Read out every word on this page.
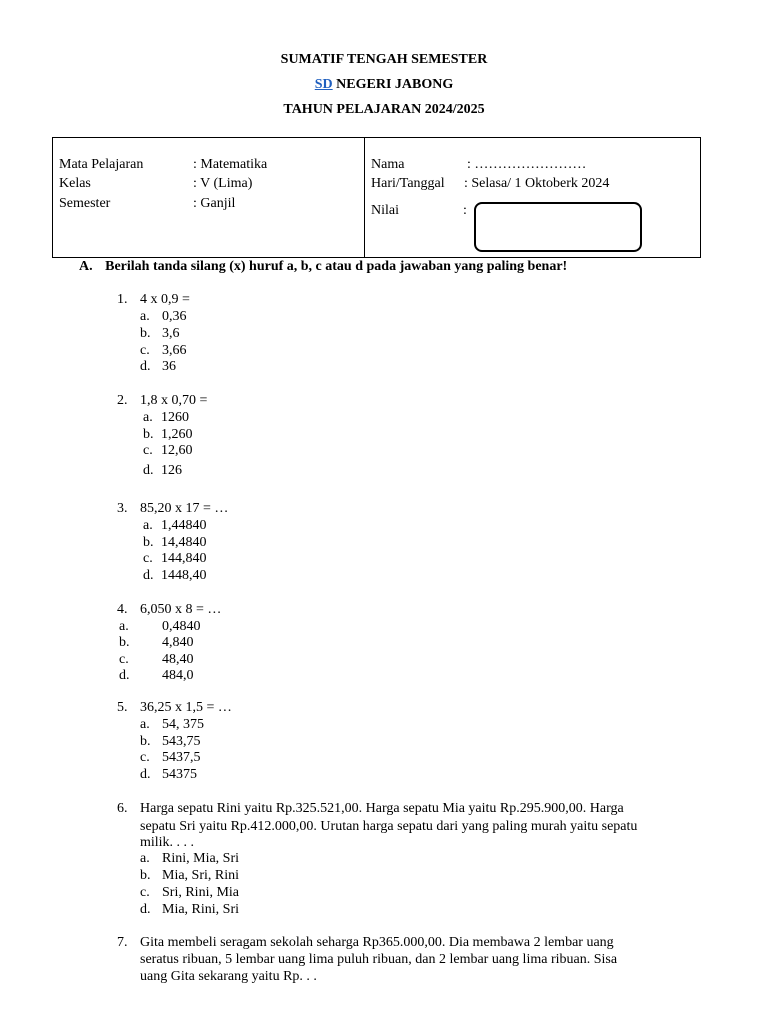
SUMATIF TENGAH SEMESTER
SD NEGERI JABONG
TAHUN PELAJARAN 2024/2025
Mata Pelajaran	: Matematika
Kelas	: V (Lima)
Semester	: Ganjil
Nama	: ……………………
Hari/Tanggal : Selasa/ 1 Oktoberk 2024
Nilai	:
A. Berilah tanda silang (x) huruf a, b, c atau d pada jawaban yang paling benar!
1. 4 x 0,9 =
a. 0,36
b. 3,6
c. 3,66
d. 36
2. 1,8 x 0,70 =
a. 1260
b. 1,260
c. 12,60
d. 126
3. 85,20 x 17 = …
a. 1,44840
b. 14,4840
c. 144,840
d. 1448,40
4. 6,050 x 8 = …
a. 0,4840
b. 4,840
c. 48,40
d. 484,0
5. 36,25 x 1,5 = …
a. 54, 375
b. 543,75
c. 5437,5
d. 54375
6. Harga sepatu Rini yaitu Rp.325.521,00. Harga sepatu Mia yaitu Rp.295.900,00. Harga
sepatu Sri yaitu Rp.412.000,00. Urutan harga sepatu dari yang paling murah yaitu sepatu
milik. . . .
a. Rini, Mia, Sri
b. Mia, Sri, Rini
c. Sri, Rini, Mia
d. Mia, Rini, Sri
7. Gita membeli seragam sekolah seharga Rp365.000,00. Dia membawa 2 lembar uang
seratus ribuan, 5 lembar uang lima puluh ribuan, dan 2 lembar uang lima ribuan. Sisa
uang Gita sekarang yaitu Rp. . .
